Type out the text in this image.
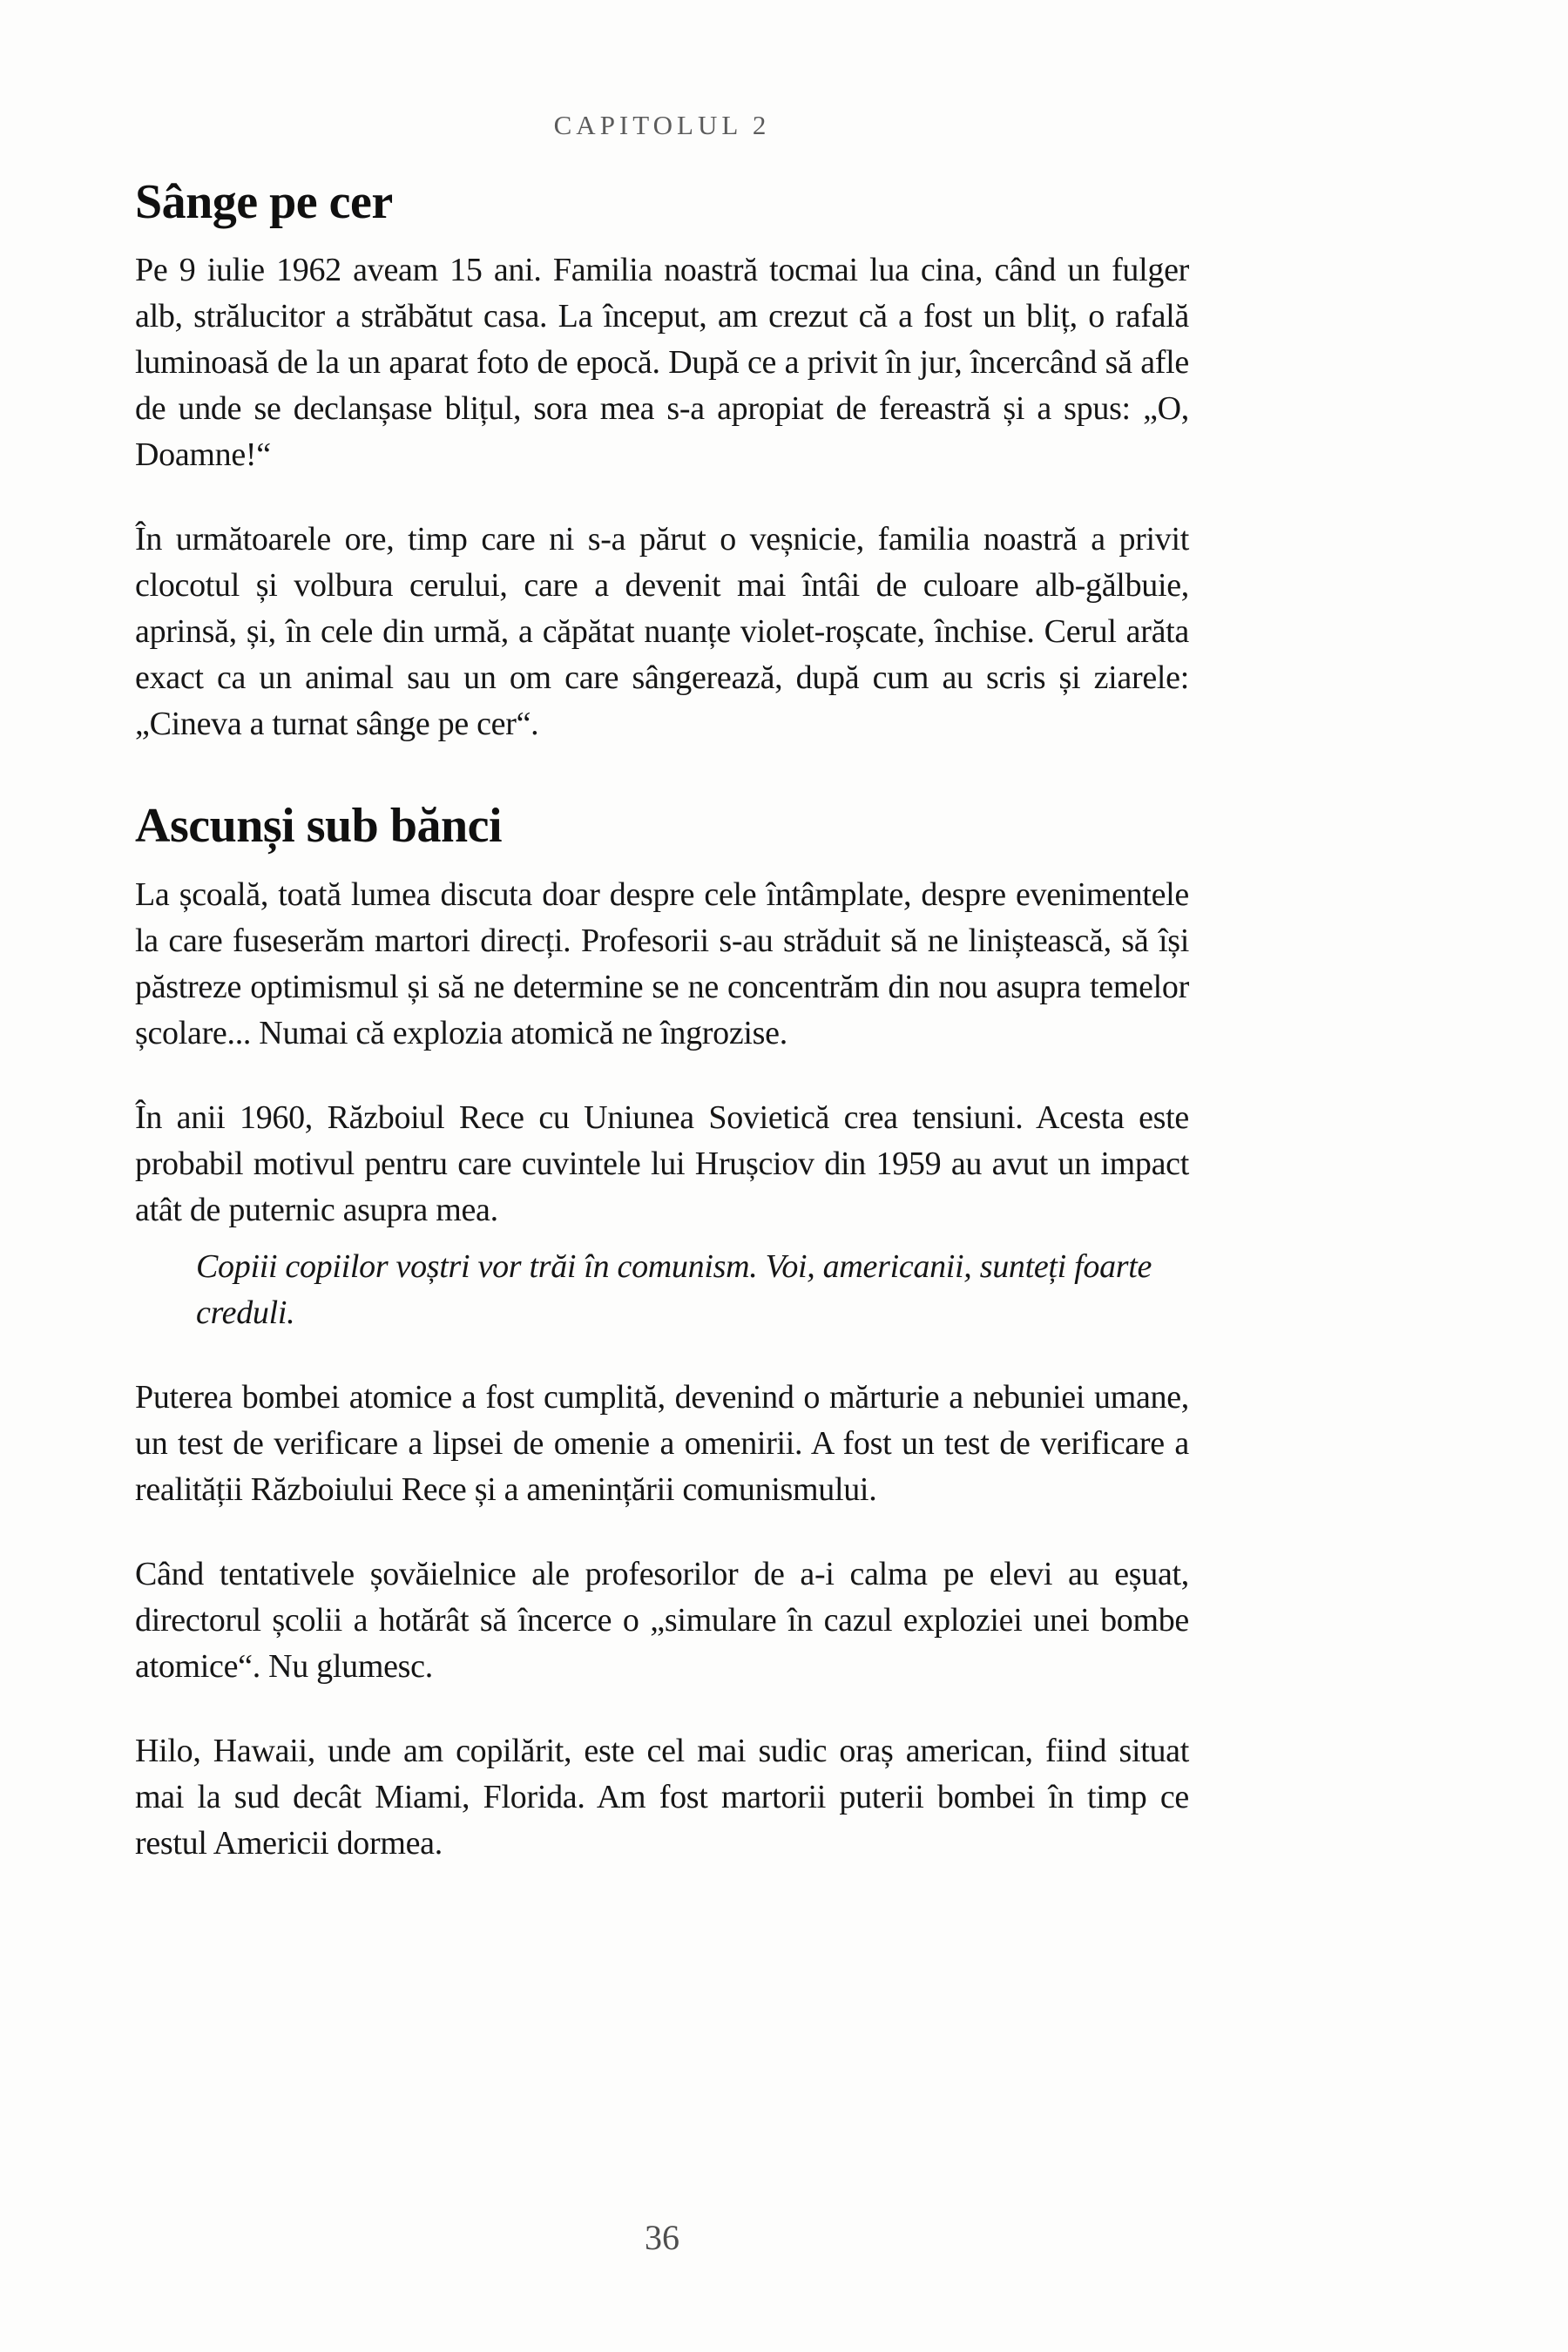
CAPITOLUL 2
Sânge pe cer

Pe 9 iulie 1962 aveam 15 ani. Familia noastră tocmai lua cina, când un fulger alb, strălucitor a străbătut casa. La început, am crezut că a fost un bliț, o rafală luminoasă de la un aparat foto de epocă. După ce a privit în jur, încercând să afle de unde se declanșase blițul, sora mea s-a apropiat de fereastră și a spus: „O, Doamne!“

În următoarele ore, timp care ni s-a părut o veșnicie, familia noastră a privit clocotul și volbura cerului, care a devenit mai întâi de culoare alb-gălbuie, aprinsă, și, în cele din urmă, a căpătat nuanțe violet-roșcate, închise. Cerul arăta exact ca un animal sau un om care sângerează, după cum au scris și ziarele: „Cineva a turnat sânge pe cer“.

Ascunși sub bănci

La școală, toată lumea discuta doar despre cele întâmplate, despre evenimentele la care fuseserăm martori direcți. Profesorii s-au străduit să ne liniștească, să își păstreze optimismul și să ne determine se ne concentrăm din nou asupra temelor școlare... Numai că explozia atomică ne îngrozise.

În anii 1960, Războiul Rece cu Uniunea Sovietică crea tensiuni. Acesta este probabil motivul pentru care cuvintele lui Hrușciov din 1959 au avut un impact atât de puternic asupra mea.

Copiii copiilor voștri vor trăi în comunism. Voi, americanii, sunteți foarte creduli.

Puterea bombei atomice a fost cumplită, devenind o mărturie a nebuniei umane, un test de verificare a lipsei de omenie a omenirii. A fost un test de verificare a realității Războiului Rece și a amenințării comunismului.

Când tentativele șovăielnice ale profesorilor de a-i calma pe elevi au eșuat, directorul școlii a hotărât să încerce o „simulare în cazul exploziei unei bombe atomice“. Nu glumesc.

Hilo, Hawaii, unde am copilărit, este cel mai sudic oraș american, fiind situat mai la sud decât Miami, Florida. Am fost martorii puterii bombei în timp ce restul Americii dormea.

36
